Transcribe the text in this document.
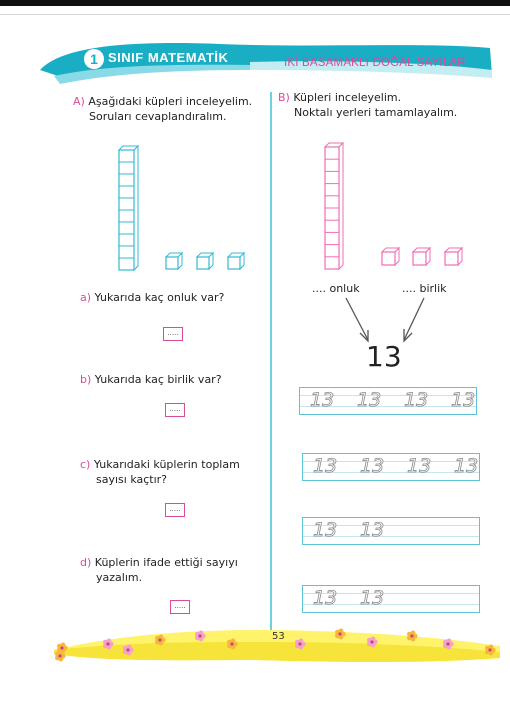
1 SINIF MATEMATİK	İKİ BASAMAKLI DOĞAL SAYILAR
A) Aşağıdaki küpleri inceleyelim.
Soruları cevaplandıralım.
a) Yukarıda kaç onluk var?
.....
b) Yukarıda kaç birlik var?
.....
c) Yukarıdaki küplerin toplam
sayısı kaçtır?
.....
d) Küplerin ifade ettiği sayıyı
yazalım.
.....
B) Küpleri inceleyelim.
Noktalı yerleri tamamlayalım.
.... onluk	.... birlik
13
13 13 13 13
13 13 13 13
13 13
13 13
53
